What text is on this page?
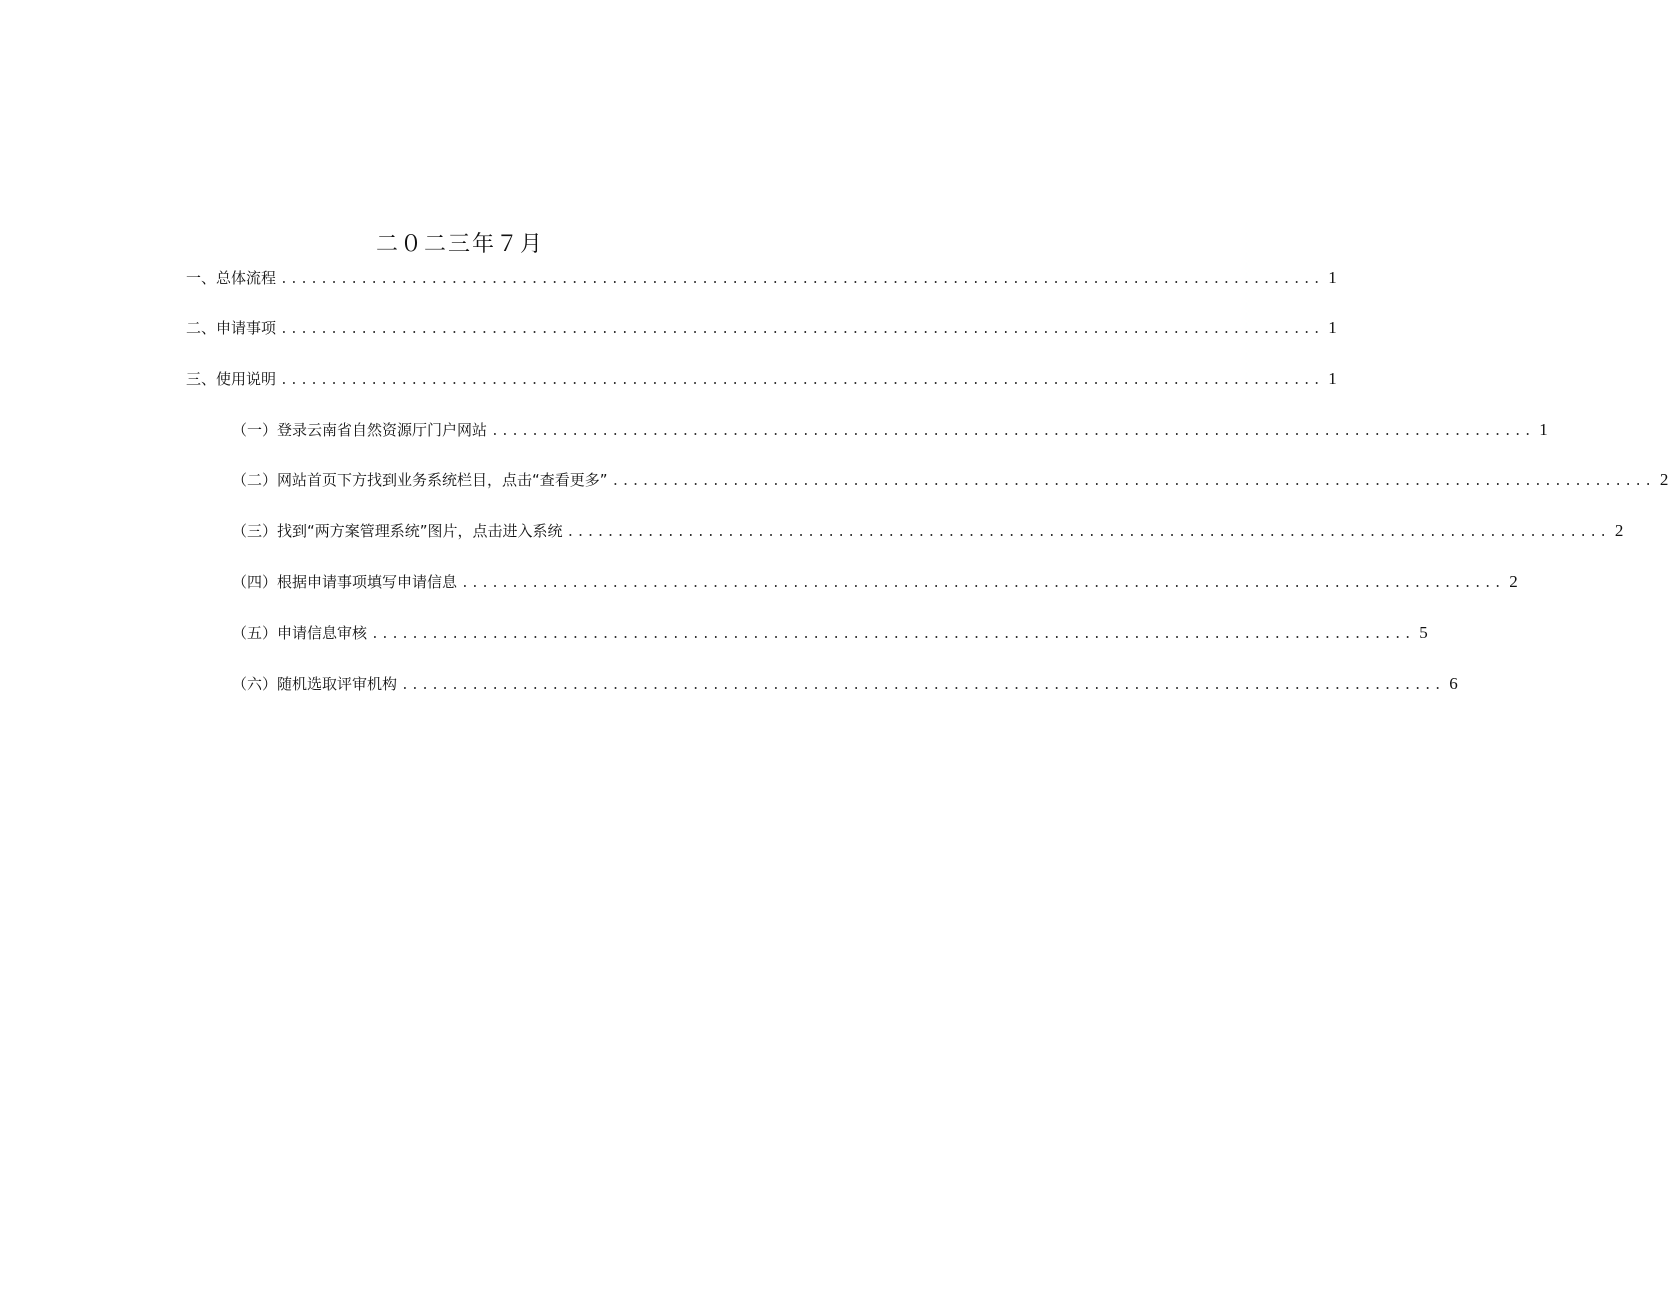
二０二三年７月
一、总体流程 ........................................................................................................ 1
二、申请事项 ........................................................................................................ 1
三、使用说明 ........................................................................................................ 1
（一）登录云南省自然资源厅门户网站 ........................................................................................................ 1
（二）网站首页下方找到业务系统栏目，点击“查看更多” ........................................................................................................ 2
（三）找到“两方案管理系统”图片，点击进入系统 ........................................................................................................ 2
（四）根据申请事项填写申请信息 ........................................................................................................ 2
（五）申请信息审核 ........................................................................................................ 5
（六）随机选取评审机构 ........................................................................................................ 6
